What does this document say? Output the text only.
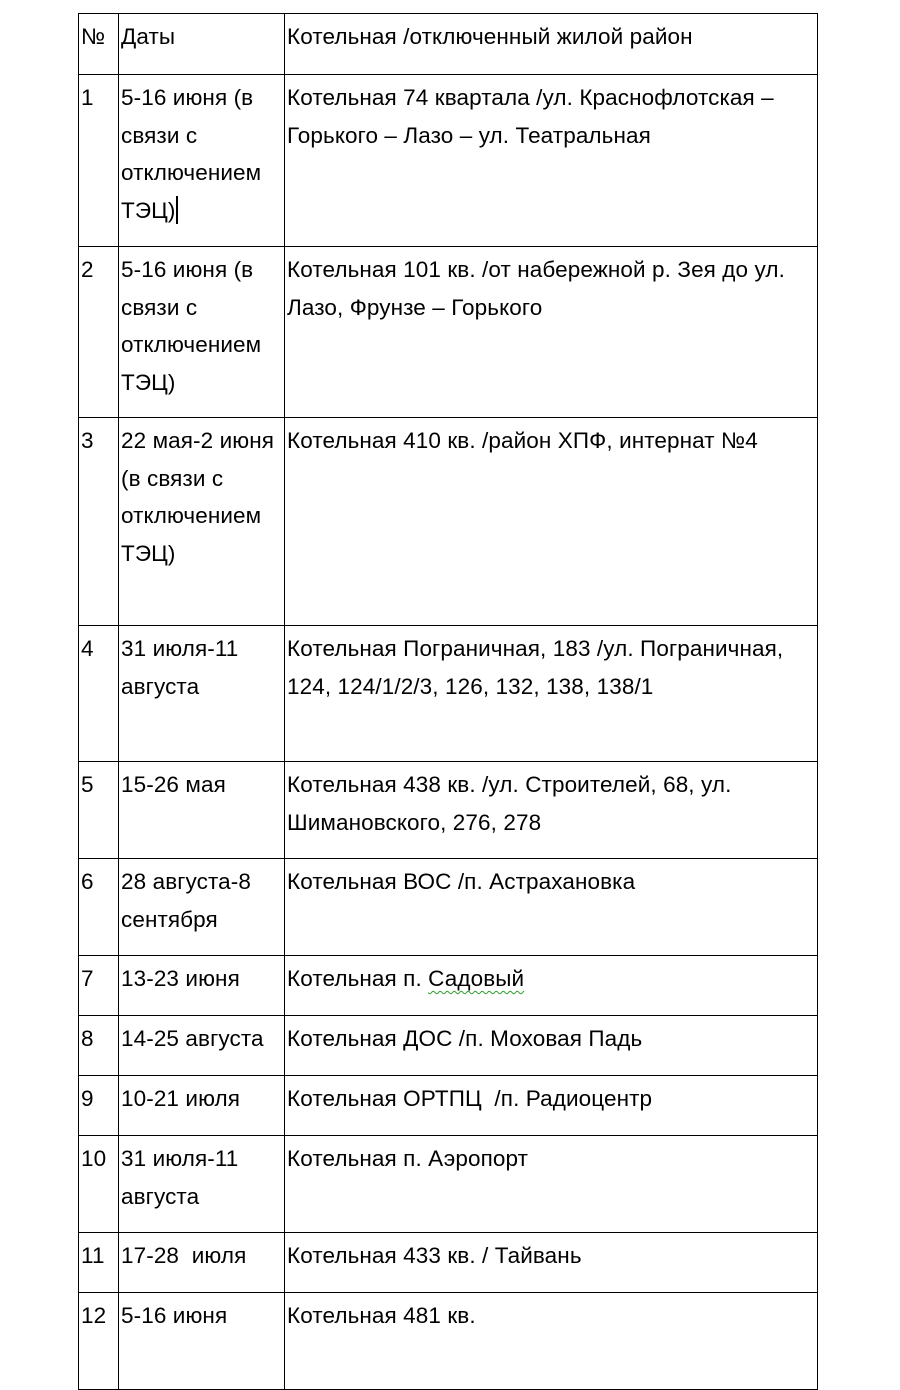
№	Даты	Котельная /отключенный жилой район
1	5-16 июня (в связи с отключением ТЭЦ)	Котельная 74 квартала /ул. Краснофлотская – Горького – Лазо – ул. Театральная
2	5-16 июня (в связи с отключением ТЭЦ)	Котельная 101 кв. /от набережной р. Зея до ул. Лазо, Фрунзе – Горького
3	22 мая-2 июня (в связи с отключением ТЭЦ)	Котельная 410 кв. /район ХПФ, интернат №4
4	31 июля-11 августа	Котельная Пограничная, 183 /ул. Пограничная, 124, 124/1/2/3, 126, 132, 138, 138/1
5	15-26 мая	Котельная 438 кв. /ул. Строителей, 68, ул. Шимановского, 276, 278
6	28 августа-8 сентября	Котельная ВОС /п. Астрахановка
7	13-23 июня	Котельная п. Садовый
8	14-25 августа	Котельная ДОС /п. Моховая Падь
9	10-21 июля	Котельная ОРТПЦ  /п. Радиоцентр
10	31 июля-11 августа	Котельная п. Аэропорт
11	17-28  июля	Котельная 433 кв. / Тайвань
12	5-16 июня	Котельная 481 кв.
